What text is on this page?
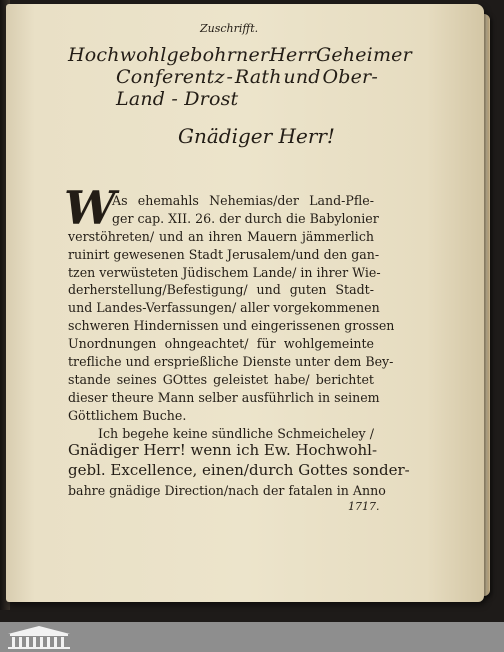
Zuschrifft.
Hochwohlgebohrner Herr Geheimer
Conferentz - Rath und Ober-
Land - Drost
Gnädiger Herr!
W
As ehemahls Nehemias/der Land-Pfle-
ger cap. XII. 26. der durch die Babylonier
verstöhreten/ und an ihren Mauern jämmerlich
ruinirt gewesenen Stadt Jerusalem/und den gan-
tzen verwüsteten Jüdischem Lande/ in ihrer Wie-
derherstellung/Befestigung/ und guten Stadt-
und Landes-Verfassungen/ aller vorgekommenen
schweren Hindernissen und eingerissenen grossen
Unordnungen ohngeachtet/ für wohlgemeinte
trefliche und ersprießliche Dienste unter dem Bey-
stande seines GOttes geleistet habe/ berichtet
dieser theure Mann selber ausführlich in seinem
Göttlichem Buche.
Ich begehe keine sündliche Schmeicheley /
Gnädiger Herr! wenn ich Ew. Hochwohl-
gebl. Excellence, einen/durch Gottes sonder-
bahre gnädige Direction/nach der fatalen in Anno
1717.
